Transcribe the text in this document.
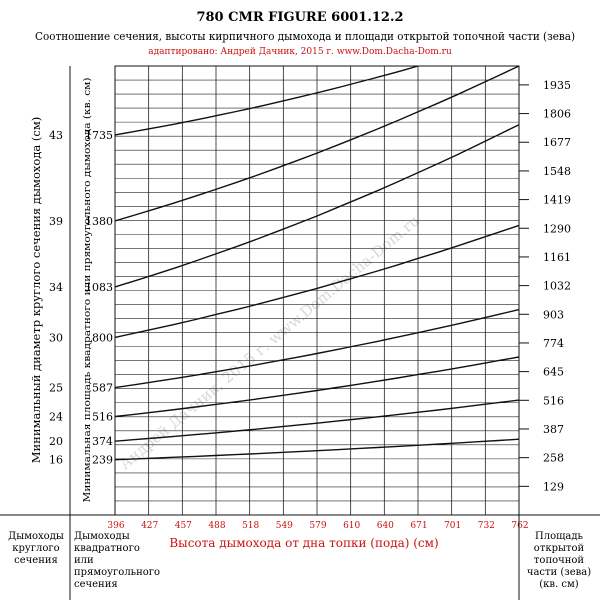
Андрей Дачник, 2015 г. www.Dom.Dacha-Dom.ru
780 CMR FIGURE 6001.12.2
Соотношение сечения, высоты кирпичного дымохода и площади открытой топочной части (зева)
адаптировано: Андрей Дачник, 2015 г. www.Dom.Dacha-Dom.ru
239
16
374
20
516
24
587
25
800
30
1083
34
1380
39
1735
43
129
258
387
516
645
774
903
1032
1161
1290
1419
1548
1677
1806
1935
396 427 457 488 518 549 579 610 640 671 701 732 762
Высота дымохода от дна топки (пода) (см)
Минимальный диаметр круглого сечения дымохода (см)	Минимальная площадь квадратного или прямоугольного дымохода (кв. см)
Дымоходы
круглого
сечения
Дымоходы
квадратного
или
прямоугольного
сечения
Площадь
открытой
топочной
части (зева)
(кв. см)
